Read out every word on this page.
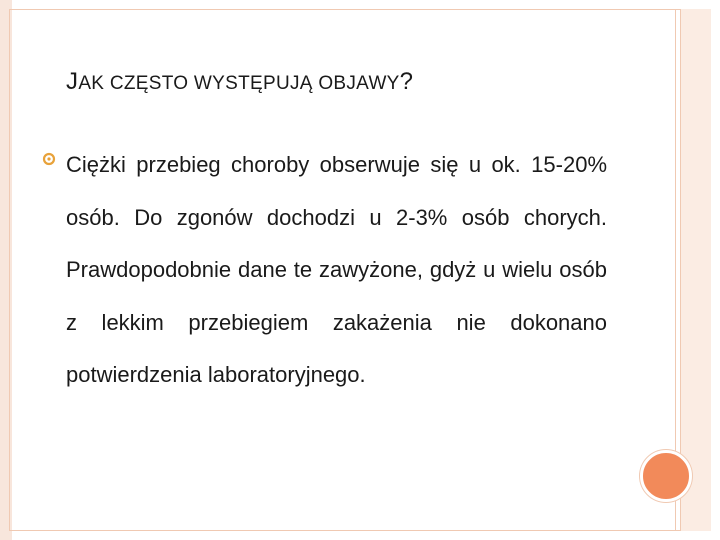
JAK CZĘSTO WYSTĘPUJĄ OBJAWY?
Ciężki przebieg choroby obserwuje się u ok. 15-20% osób. Do zgonów dochodzi u 2-3% osób chorych. Prawdopodobnie dane te zawyżone, gdyż u wielu osób z lekkim przebiegiem zakażenia nie dokonano potwierdzenia laboratoryjnego.
